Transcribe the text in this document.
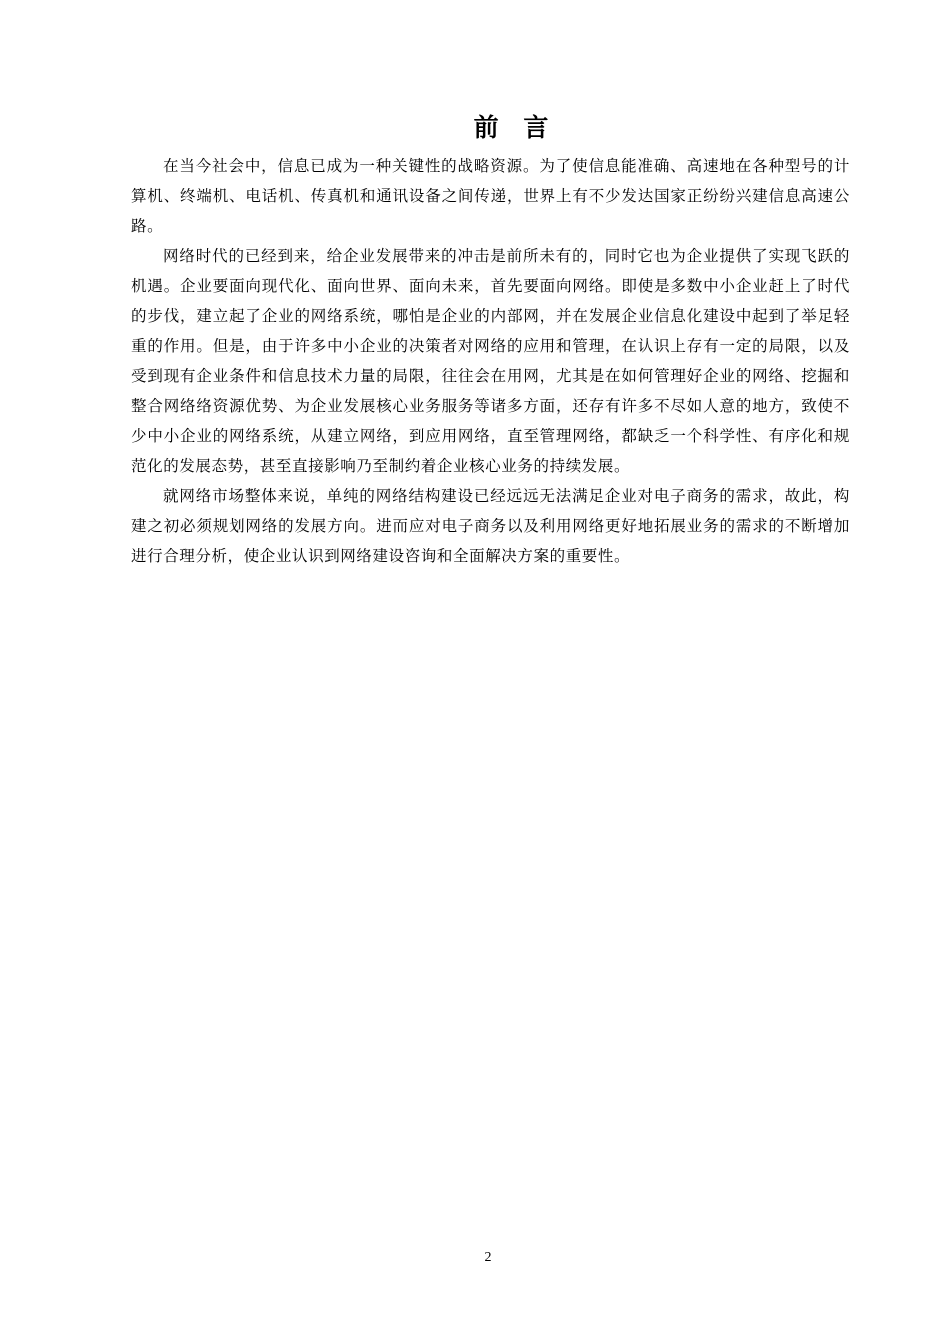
前 言

在当今社会中，信息已成为一种关键性的战略资源。为了使信息能准确、高速地在各种型号的计算机、终端机、电话机、传真机和通讯设备之间传递，世界上有不少发达国家正纷纷兴建信息高速公路。

网络时代的已经到来，给企业发展带来的冲击是前所未有的，同时它也为企业提供了实现飞跃的机遇。企业要面向现代化、面向世界、面向未来，首先要面向网络。即使是多数中小企业赶上了时代的步伐，建立起了企业的网络系统，哪怕是企业的内部网，并在发展企业信息化建设中起到了举足轻重的作用。但是，由于许多中小企业的决策者对网络的应用和管理，在认识上存有一定的局限，以及受到现有企业条件和信息技术力量的局限，往往会在用网，尤其是在如何管理好企业的网络、挖掘和整合网络络资源优势、为企业发展核心业务服务等诸多方面，还存有许多不尽如人意的地方，致使不少中小企业的网络系统，从建立网络，到应用网络，直至管理网络，都缺乏一个科学性、有序化和规范化的发展态势，甚至直接影响乃至制约着企业核心业务的持续发展。

就网络市场整体来说，单纯的网络结构建设已经远远无法满足企业对电子商务的需求，故此，构建之初必须规划网络的发展方向。进而应对电子商务以及利用网络更好地拓展业务的需求的不断增加进行合理分析，使企业认识到网络建设咨询和全面解决方案的重要性。

2
